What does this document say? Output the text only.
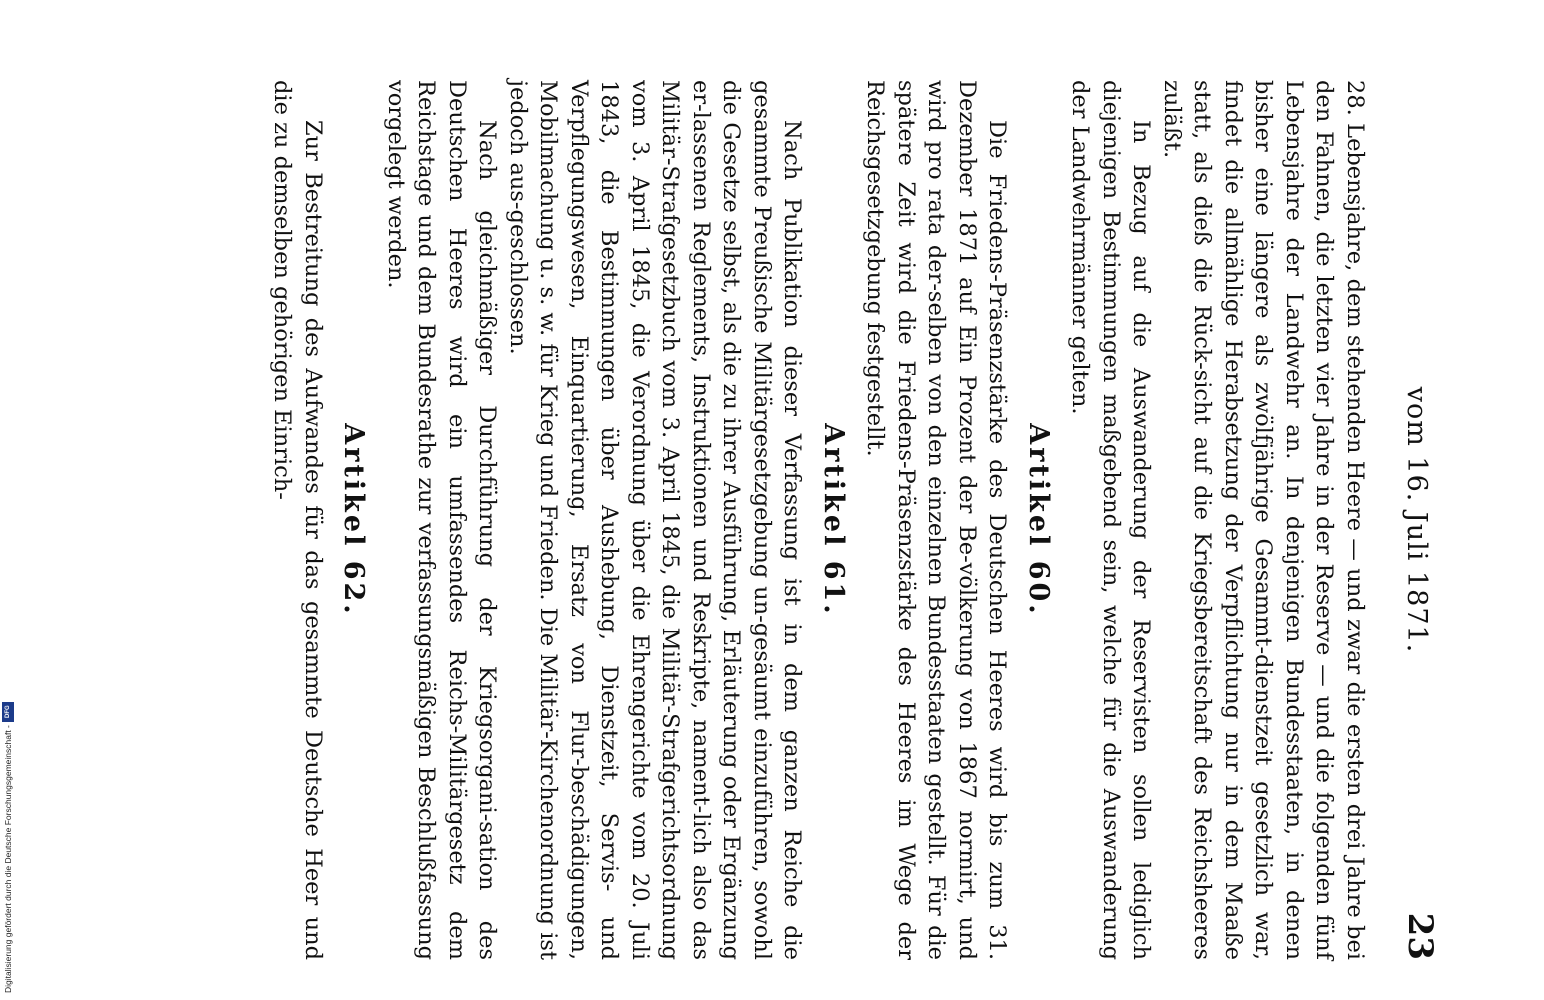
Digitalisierung gefördert durch die Deutsche Forschungsgemeinschaft -
DFG
vom 16. Juli 1871.
23

28. Lebensjahre, dem stehenden Heere — und zwar die ersten drei Jahre bei den Fahnen, die letzten vier Jahre in der Reserve — und die folgenden fünf Lebensjahre der Landwehr an. In denjenigen Bundesstaaten, in denen bisher eine längere als zwölfjährige Gesammt-dienstzeit gesetzlich war, findet die allmählige Herabsetzung der Verpflichtung nur in dem Maaße statt, als dieß die Rück-sicht auf die Kriegsbereitschaft des Reichsheeres zuläßt.

In Bezug auf die Auswanderung der Reservisten sollen lediglich diejenigen Bestimmungen maßgebend sein, welche für die Auswanderung der Landwehrmänner gelten.

Artikel 60.

Die Friedens-Präsenzstärke des Deutschen Heeres wird bis zum 31. Dezember 1871 auf Ein Prozent der Be-völkerung von 1867 normirt, und wird pro rata der-selben von den einzelnen Bundesstaaten gestellt. Für die spätere Zeit wird die Friedens-Präsenzstärke des Heeres im Wege der Reichsgesetzgebung festgestellt.

Artikel 61.

Nach Publikation dieser Verfassung ist in dem ganzen Reiche die gesammte Preußische Militärgesetzgebung un-gesäumt einzuführen, sowohl die Gesetze selbst, als die zu ihrer Ausführung, Erläuterung oder Ergänzung er-lassenen Reglements, Instruktionen und Reskripte, nament-lich also das Militär-Strafgesetzbuch vom 3. April 1845, die Militär-Strafgerichtsordnung vom 3. April 1845, die Verordnung über die Ehrengerichte vom 20. Juli 1843, die Bestimmungen über Aushebung, Dienstzeit, Servis- und Verpflegungswesen, Einquartierung, Ersatz von Flur-beschädigungen, Mobilmachung u. s. w. für Krieg und Frieden. Die Militär-Kirchenordnung ist jedoch aus-geschlossen.

Nach gleichmäßiger Durchführung der Kriegsorgani-sation des Deutschen Heeres wird ein umfassendes Reichs-Militärgesetz dem Reichstage und dem Bundesrathe zur verfassungsmäßigen Beschlußfassung vorgelegt werden.

Artikel 62.

Zur Bestreitung des Aufwandes für das gesammte Deutsche Heer und die zu demselben gehörigen Einrich-
